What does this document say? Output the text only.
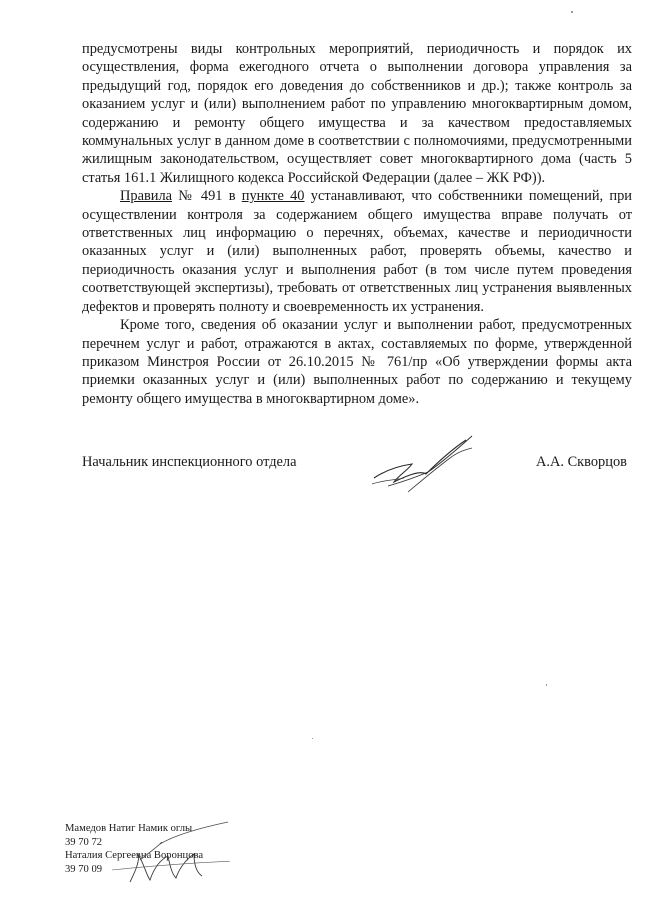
предусмотрены виды контрольных мероприятий, периодичность и порядок их осуществления, форма ежегодного отчета о выполнении договора управления за предыдущий год, порядок его доведения до собственников и др.); также контроль за оказанием услуг и (или) выполнением работ по управлению многоквартирным домом, содержанию и ремонту общего имущества и за качеством предоставляемых коммунальных услуг в данном доме в соответствии с полномочиями, предусмотренными жилищным законодательством, осуществляет совет многоквартирного дома (часть 5 статья 161.1 Жилищного кодекса Российской Федерации (далее – ЖК РФ)).

Правила № 491 в пункте 40 устанавливают, что собственники помещений, при осуществлении контроля за содержанием общего имущества вправе получать от ответственных лиц информацию о перечнях, объемах, качестве и периодичности оказанных услуг и (или) выполненных работ, проверять объемы, качество и периодичность оказания услуг и выполнения работ (в том числе путем проведения соответствующей экспертизы), требовать от ответственных лиц устранения выявленных дефектов и проверять полноту и своевременность их устранения.

Кроме того, сведения об оказании услуг и выполнении работ, предусмотренных перечнем услуг и работ, отражаются в актах, составляемых по форме, утвержденной приказом Минстроя России от 26.10.2015 № 761/пр «Об утверждении формы акта приемки оказанных услуг и (или) выполненных работ по содержанию и текущему ремонту общего имущества в многоквартирном доме».

Начальник инспекционного отдела	А.А. Скворцов
Мамедов Натиг Намик оглы
39 70 72
Наталия Сергеевна Воронцова
39 70 09
